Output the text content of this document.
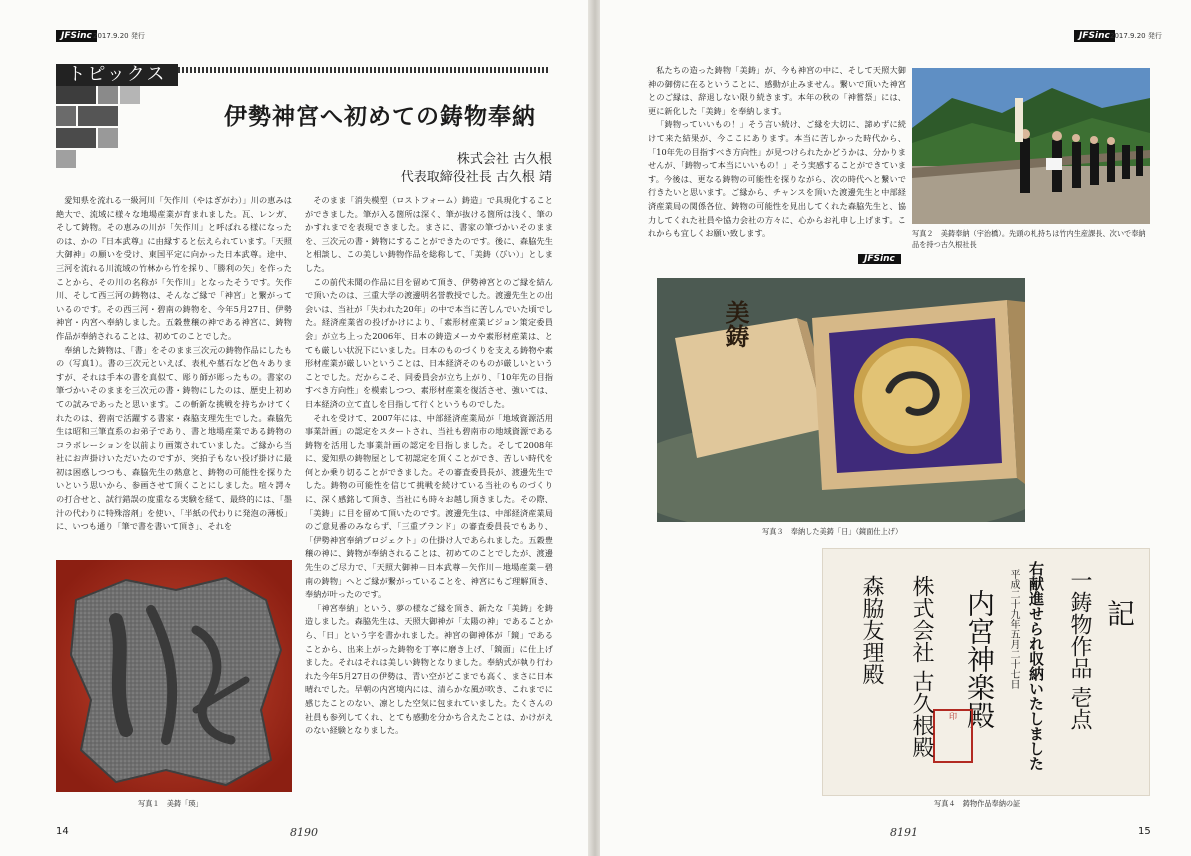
JFSinc 2017.9.20 発行
トピックス
伊勢神宮へ初めての鋳物奉納
株式会社 古久根
代表取締役社長 古久根 靖

愛知県を流れる一級河川「矢作川（やはぎがわ）」川の恵みは絶大で、流域に様々な地場産業が育まれました。瓦、レンガ、そして鋳物。その恵みの川が「矢作川」と呼ばれる様になったのは、かの『日本武尊』に由縁すると伝えられています。「天照大御神」の願いを受け、東国平定に向かった日本武尊。途中、三河を流れる川流域の竹林から竹を採り、「勝利の矢」を作ったことから、その川の名称が「矢作川」となったそうです。矢作川、そして西三河の鋳物は、そんなご縁で「神宮」と繋がっているのです。その西三河・碧南の鋳物を、今年5月27日、伊勢神宮・内宮へ奉納しました。五穀豊穣の神である神宮に、鋳物作品が奉納されることは、初めてのことでした。

奉納した鋳物は、「書」をそのまま三次元の鋳物作品にしたもの（写真1）。書の三次元といえば、表札や墓石など色々ありますが、それは手本の書を真似て、彫り師が彫ったもの。書家の筆づかいそのままを三次元の書・鋳物にしたのは、歴史上初めての試みであったと思います。この斬新な挑戦を持ちかけてくれたのは、碧南で活躍する書家・森脇支理先生でした。森脇先生は昭和三筆直系のお弟子であり、書と地場産業である鋳物のコラボレーションを以前より画策されていました。ご縁から当社にお声掛けいただいたのですが、突拍子もない投げ掛けに最初は困惑しつつも、森脇先生の熱意と、鋳物の可能性を探りたいという思いから、参画させて頂くことにしました。喧々諤々の打合せと、試行錯誤の度重なる実験を経て、最終的には、「墨汁の代わりに特殊溶剤」を使い、「半紙の代わりに発泡の薄板」に、いつも通り「筆で書を書いて頂き」、それを

そのまま「消失模型（ロストフォーム）鋳造」で具現化することができました。筆が入る箇所は深く、筆が抜ける箇所は浅く、筆のかすれまでを表現できました。まさに、書家の筆づかいそのままを、三次元の書・鋳物にすることができたのです。後に、森脇先生と相談し、この美しい鋳物作品を総称して、「美鋳（びい）」としました。

この前代未聞の作品に目を留めて頂き、伊勢神宮とのご縁を結んで頂いたのは、三重大学の渡邊明名誉教授でした。渡邊先生との出会いは、当社が「失われた20年」の中で本当に苦しんでいた頃でした。経済産業省の投げかけにより、「素形材産業ビジョン策定委員会」が立ち上った2006年、日本の鋳造メーカや素形材産業は、とても厳しい状況下にいました。日本のものづくりを支える鋳物や素形材産業が厳しいということは、日本経済そのものが厳しいということでした。だからこそ、同委員会が立ち上がり、「10年先の目指すべき方向性」を模索しつつ、素形材産業を復活させ、強いては、日本経済の立て直しを目指して行くというものでした。

それを受けて、2007年には、中部経済産業局が「地域資源活用事業計画」の認定をスタートされ、当社も碧南市の地域資源である鋳物を活用した事業計画の認定を目指しました。そして2008年に、愛知県の鋳物屋として初認定を頂くことができ、苦しい時代を何とか乗り切ることができました。その審査委員長が、渡邊先生でした。鋳物の可能性を信じて挑戦を続けている当社のものづくりに、深く感銘して頂き、当社にも時々お越し頂きました。その際、「美鋳」に目を留めて頂いたのです。渡邊先生は、中部経済産業局のご意見番のみならず、「三重ブランド」の審査委員長でもあり、「伊勢神宮奉納プロジェクト」の仕掛け人であられました。五穀豊穣の神に、鋳物が奉納されることは、初めてのことでしたが、渡邊先生のご尽力で、「天照大御神－日本武尊－矢作川－地場産業－碧南の鋳物」へとご縁が繋がっていることを、神宮にもご理解頂き、奉納が叶ったのです。

「神宮奉納」という、夢の様なご縁を頂き、新たな「美鋳」を鋳造しました。森脇先生は、天照大御神が「太陽の神」であることから、「日」という字を書かれました。神宮の御神体が「鏡」であることから、出来上がった鋳物を丁寧に磨き上げ、「鏡面」に仕上げました。それはそれは美しい鋳物となりました。奉納式が執り行われた今年5月27日の伊勢は、青い空がどこまでも高く、まさに日本晴れでした。早朝の内宮境内には、清らかな風が吹き、これまでに感じたことのない、凛とした空気に包まれていました。たくさんの社員も参列してくれ、とても感動を分かち合えたことは、かけがえのない経験となりました。

写真１　美鋳「瑛」
14	8190
JFSinc 2017.9.20 発行

私たちの造った鋳物「美鋳」が、今も神宮の中に、そして天照大御神の御傍に在るということに、感動が止みません。繋いで頂いた神宮とのご縁は、辞退しない限り続きます。本年の秋の「神嘗祭」には、更に新化した「美鋳」を奉納します。

「鋳物っていいもの！」そう言い続け、ご縁を大切に、諦めずに続けて来た結果が、今ここにあります。本当に苦しかった時代から、「10年先の目指すべき方向性」が見つけられたかどうかは、分かりませんが、「鋳物って本当にいいもの！」そう実感することができています。今後は、更なる鋳物の可能性を探りながら、次の時代へと繋いで行きたいと思います。ご縁から、チャンスを頂いた渡邊先生と中部経済産業局の関係各位、鋳物の可能性を見出してくれた森脇先生と、協力してくれた社員や協力会社の方々に、心からお礼申し上げます。これからも宜しくお願い致します。

JFSinc
写真２　美鋳奉納（宇治橋）。先頭の札持ちは竹内生産課長、次いで奉納品を持つ古久根社長
美鋳
写真３　奉納した美鋳「日」（鏡面仕上げ）
記
一鋳物作品 壱点
右献進せられ収納いたしました
平成二十九年五月二十七日
内宮神楽殿
印
株式会社 古久根殿
森脇友理殿
写真４　鋳物作品奉納の証
8191	15
